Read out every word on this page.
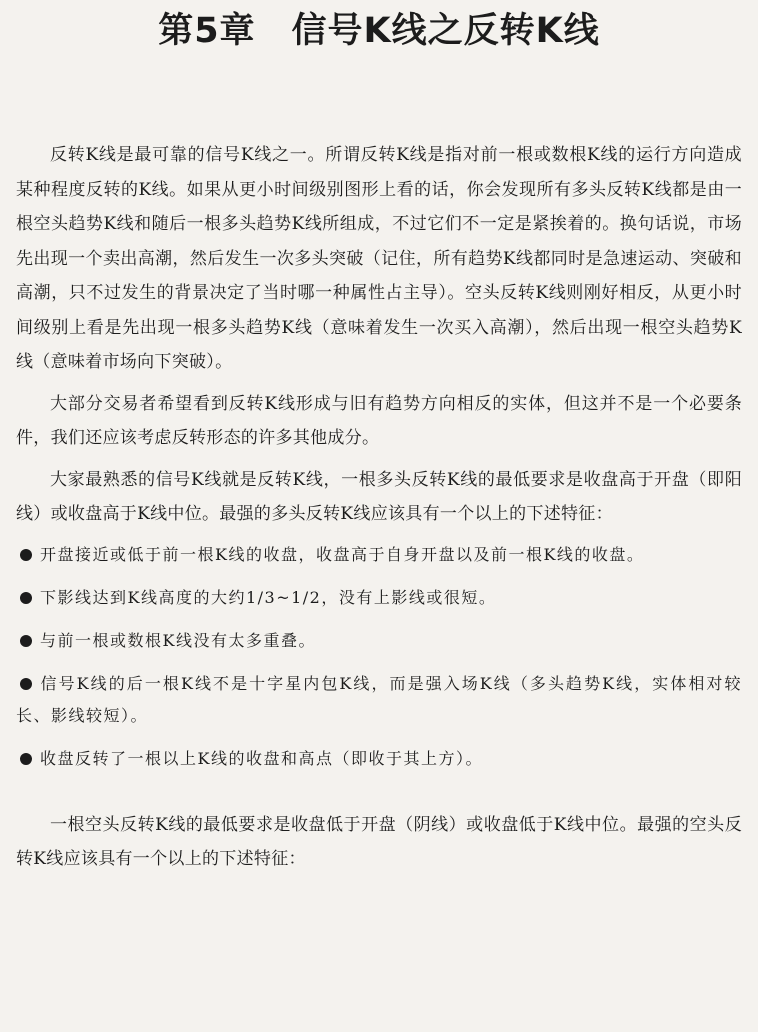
第5章　信号K线之反转K线

反转K线是最可靠的信号K线之一。所谓反转K线是指对前一根或数根K线的运行方向造成某种程度反转的K线。如果从更小时间级别图形上看的话，你会发现所有多头反转K线都是由一根空头趋势K线和随后一根多头趋势K线所组成，不过它们不一定是紧挨着的。换句话说，市场先出现一个卖出高潮，然后发生一次多头突破（记住，所有趋势K线都同时是急速运动、突破和高潮，只不过发生的背景决定了当时哪一种属性占主导）。空头反转K线则刚好相反，从更小时间级别上看是先出现一根多头趋势K线（意味着发生一次买入高潮），然后出现一根空头趋势K线（意味着市场向下突破）。

大部分交易者希望看到反转K线形成与旧有趋势方向相反的实体，但这并不是一个必要条件，我们还应该考虑反转形态的许多其他成分。

大家最熟悉的信号K线就是反转K线，一根多头反转K线的最低要求是收盘高于开盘（即阳线）或收盘高于K线中位。最强的多头反转K线应该具有一个以上的下述特征：

开盘接近或低于前一根K线的收盘，收盘高于自身开盘以及前一根K线的收盘。
下影线达到K线高度的大约1/3~1/2，没有上影线或很短。
与前一根或数根K线没有太多重叠。
信号K线的后一根K线不是十字星内包K线，而是强入场K线（多头趋势K线，实体相对较长、影线较短）。
收盘反转了一根以上K线的收盘和高点（即收于其上方）。

一根空头反转K线的最低要求是收盘低于开盘（阴线）或收盘低于K线中位。最强的空头反转K线应该具有一个以上的下述特征：
